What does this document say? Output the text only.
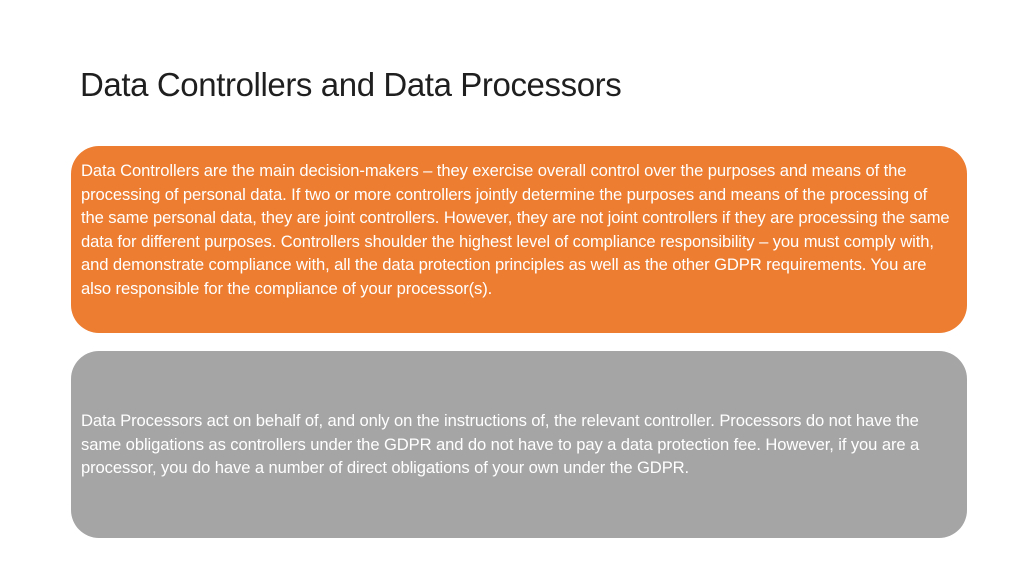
Data Controllers and Data Processors

Data Controllers are the main decision-makers – they exercise overall control over the purposes and means of the processing of personal data. If two or more controllers jointly determine the purposes and means of the processing of the same personal data, they are joint controllers. However, they are not joint controllers if they are processing the same data for different purposes. Controllers shoulder the highest level of compliance responsibility – you must comply with, and demonstrate compliance with, all the data protection principles as well as the other GDPR requirements. You are also responsible for the compliance of your processor(s).

Data Processors act on behalf of, and only on the instructions of, the relevant controller. Processors do not have the same obligations as controllers under the GDPR and do not have to pay a data protection fee. However, if you are a processor, you do have a number of direct obligations of your own under the GDPR.
